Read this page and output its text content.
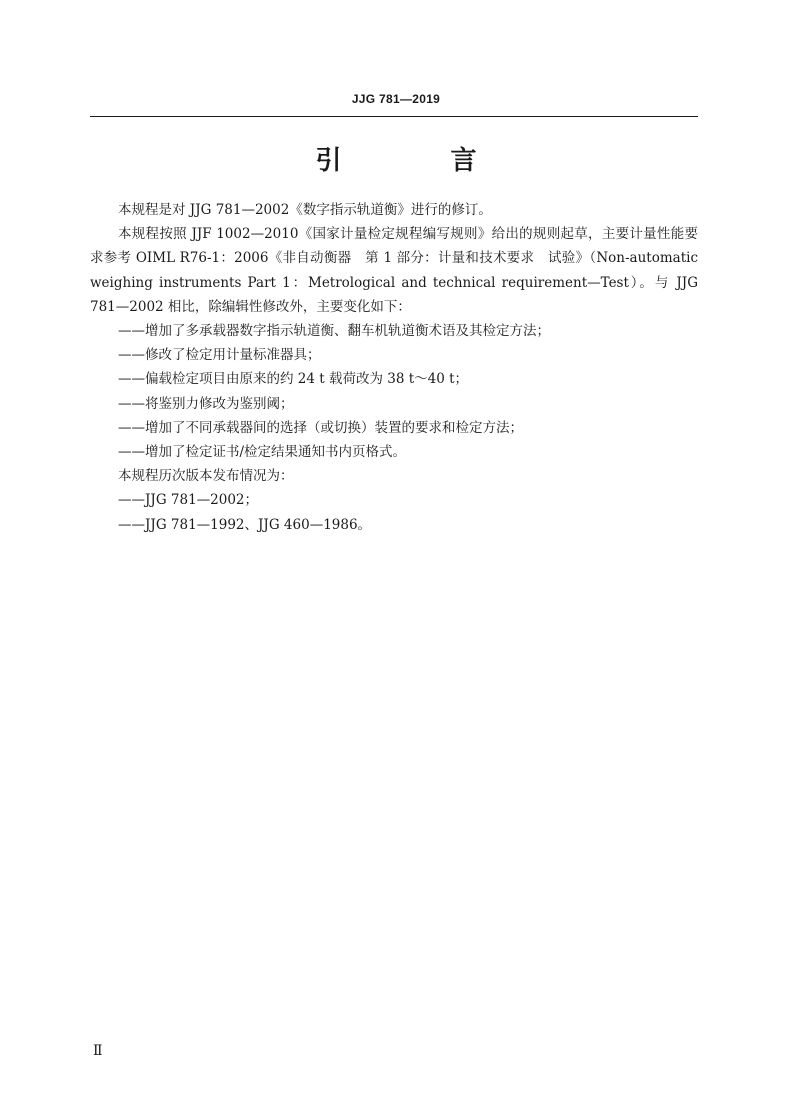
JJG 781—2019
引 言

本规程是对 JJG 781—2002《数字指示轨道衡》进行的修订。

本规程按照 JJF 1002—2010《国家计量检定规程编写规则》给出的规则起草，主要计量性能要求参考 OIML R76-1：2006《非自动衡器　第 1 部分：计量和技术要求　试验》（Non-automatic weighing instruments Part 1：Metrological and technical requirement—Test）。与 JJG 781—2002 相比，除编辑性修改外，主要变化如下：

——增加了多承载器数字指示轨道衡、翻车机轨道衡术语及其检定方法；

——修改了检定用计量标准器具；

——偏载检定项目由原来的约 24 t 载荷改为 38 t～40 t；

——将鉴别力修改为鉴别阈；

——增加了不同承载器间的选择（或切换）装置的要求和检定方法；

——增加了检定证书/检定结果通知书内页格式。

本规程历次版本发布情况为：

——JJG 781—2002；

——JJG 781—1992、JJG 460—1986。

Ⅱ
